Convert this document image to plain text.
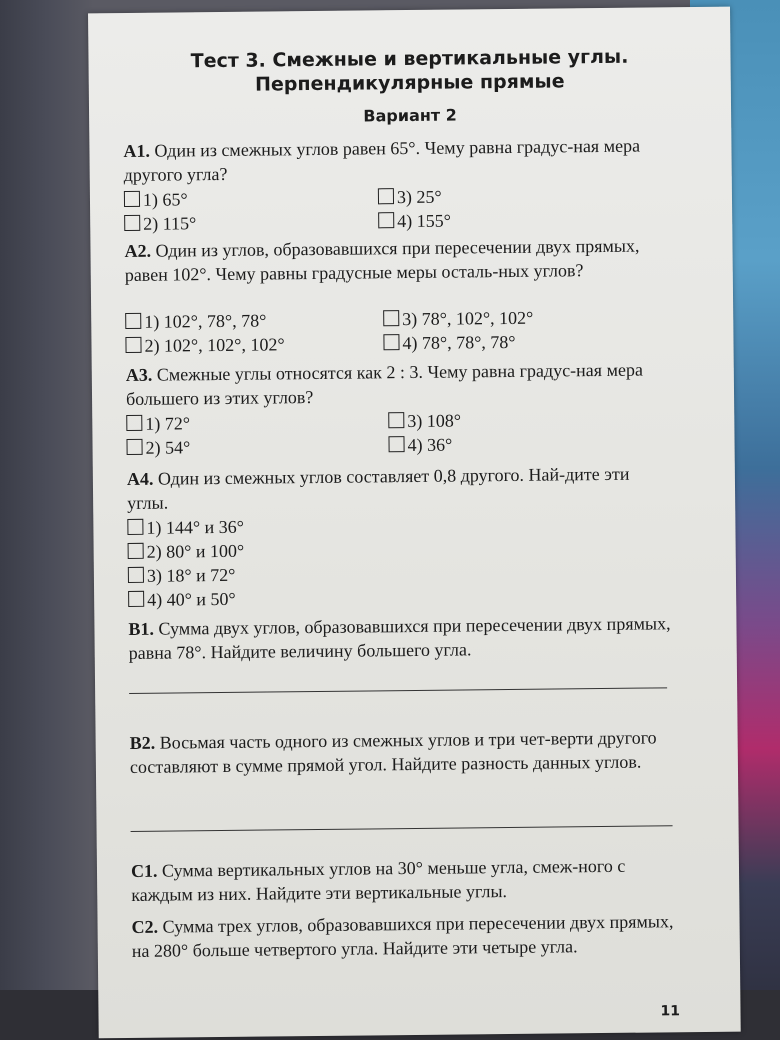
Тест 3. Смежные и вертикальные углы.
Перпендикулярные прямые
Вариант 2
А1. Один из смежных углов равен 65°. Чему равна градус-ная мера другого угла?
1) 65°	3) 25°
2) 115°	4) 155°
А2. Один из углов, образовавшихся при пересечении двух прямых, равен 102°. Чему равны градусные меры осталь-ных углов?
1) 102°, 78°, 78°	3) 78°, 102°, 102°
2) 102°, 102°, 102°	4) 78°, 78°, 78°
А3. Смежные углы относятся как 2 : 3. Чему равна градус-ная мера большего из этих углов?
1) 72°	3) 108°
2) 54°	4) 36°
А4. Один из смежных углов составляет 0,8 другого. Най-дите эти углы.
1) 144° и 36°
2) 80° и 100°
3) 18° и 72°
4) 40° и 50°
В1. Сумма двух углов, образовавшихся при пересечении двух прямых, равна 78°. Найдите величину большего угла.
В2. Восьмая часть одного из смежных углов и три чет-верти другого составляют в сумме прямой угол. Найдите разность данных углов.
С1. Сумма вертикальных углов на 30° меньше угла, смеж-ного с каждым из них. Найдите эти вертикальные углы.
С2. Сумма трех углов, образовавшихся при пересечении двух прямых, на 280° больше четвертого угла. Найдите эти четыре угла.
11
